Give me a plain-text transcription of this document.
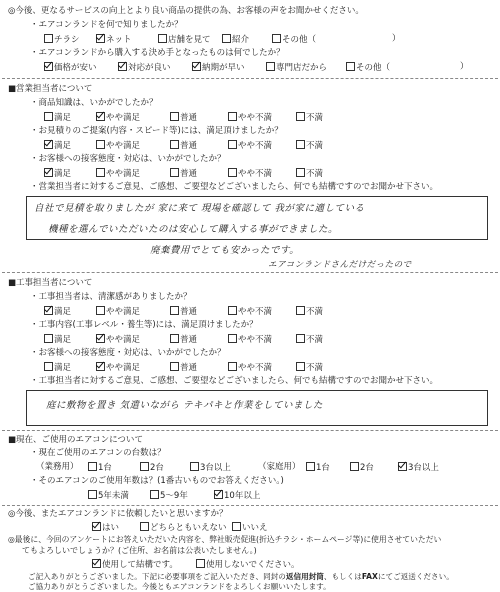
◎今後、更なるサービスの向上とより良い商品の提供の為、お客様の声をお聞かせください。
・エアコンランドを何で知りましたか？
チラシ	ネット	店舗を見て	紹介	その他（	）
・エアコンランドから購入する決め手となったものは何でしたか？
価格が安い	対応が良い	納期が早い	専門店だから	その他（	）
■営業担当者について
・商品知識は、いかがでしたか？
満足	やや満足	普通	やや不満	不満
・お見積りのご提案(内容・スピード等)には、満足頂けましたか？
満足	やや満足	普通	やや不満	不満
・お客様への接客態度・対応は、いかがでしたか？
満足	やや満足	普通	やや不満	不満
・営業担当者に対するご意見、ご感想、ご要望などございましたら、何でも結構ですのでお聞かせ下さい。
自社で見積を取りましたが 家に来て 現場を確認して 我が家に適している
機種を選んでいただいたのは安心して購入する事ができました。
廃棄費用でとても安かったです。
エアコンランドさんだけだったので
■工事担当者について
・工事担当者は、清潔感がありましたか？
満足	やや満足	普通	やや不満	不満
・工事内容(工事レベル・養生等)には、満足頂けましたか？
満足	やや満足	普通	やや不満	不満
・お客様への接客態度・対応は、いかがでしたか？
満足	やや満足	普通	やや不満	不満
・工事担当者に対するご意見、ご感想、ご要望などございましたら、何でも結構ですのでお聞かせ下さい。
庭に敷物を置き 気遣いながら テキパキと作業をしていました
■現在、ご使用のエアコンについて
・現在ご使用のエアコンの台数は？
（業務用）	1台	2台	3台以上	（家庭用）	1台	2台	3台以上
・そのエアコンのご使用年数は？(1番古いものでお答えください。)
5年未満	5～9年	10年以上
◎今後、またエアコンランドに依頼したいと思いますか？
はい	どちらともいえない	いいえ
◎最後に、今回のアンケートにお答えいただいた内容を、弊社販売促進(折込チラシ・ホームページ等)に使用させていただい
てもよろしいでしょうか？(ご住所、お名前は公表いたしません。)
使用して結構です。	使用しないでください。
ご記入ありがとうございました。下記に必要事項をご記入いただき、同封の返信用封筒、もしくはFAXにてご返送ください。
ご協力ありがとうございました。今後ともエアコンランドをよろしくお願いいたします。
